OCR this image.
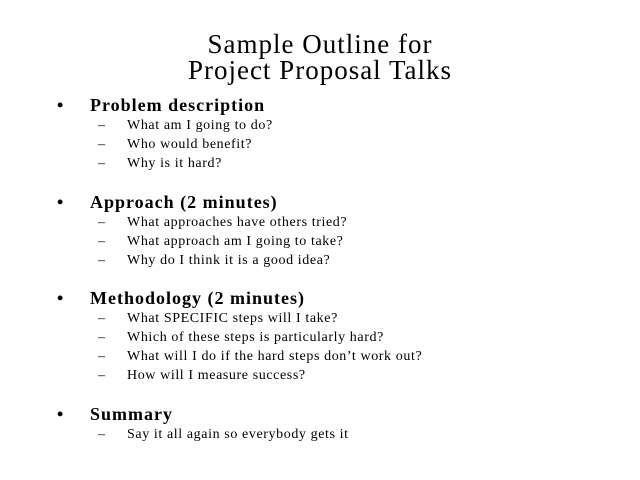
Sample Outline for
Project Proposal Talks
• Problem description
– What am I going to do?
– Who would benefit?
– Why is it hard?
• Approach (2 minutes)
– What approaches have others tried?
– What approach am I going to take?
– Why do I think it is a good idea?
• Methodology (2 minutes)
– What SPECIFIC steps will I take?
– Which of these steps is particularly hard?
– What will I do if the hard steps don’t work out?
– How will I measure success?
• Summary
– Say it all again so everybody gets it
